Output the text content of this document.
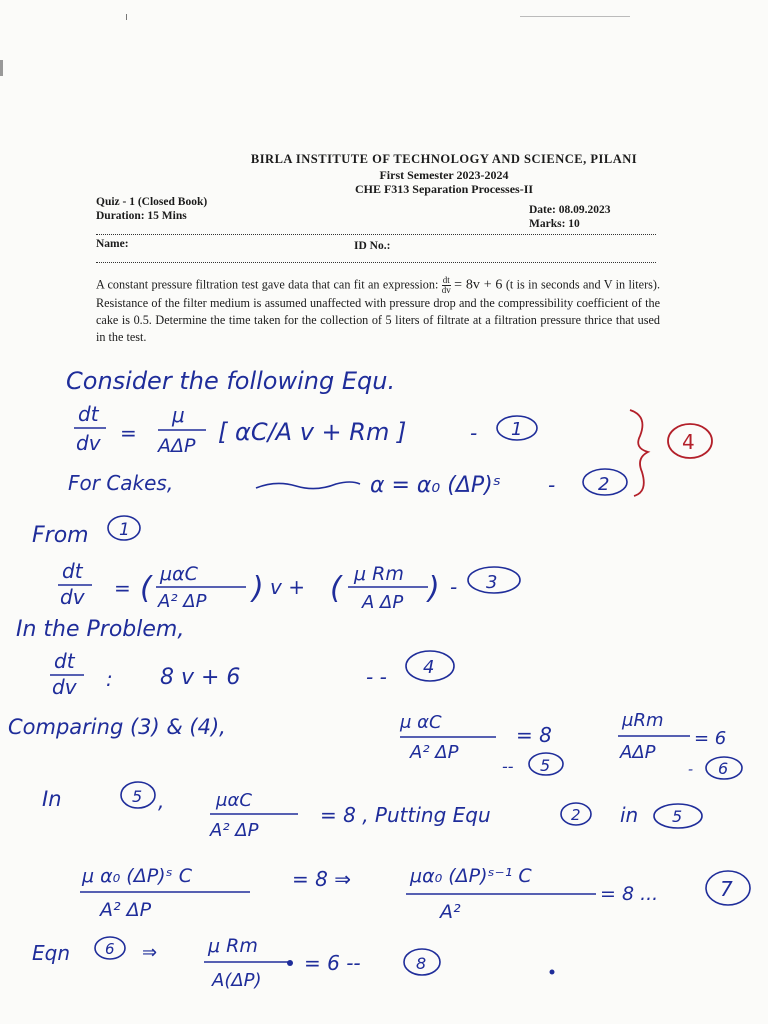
BIRLA INSTITUTE OF TECHNOLOGY AND SCIENCE, PILANI
First Semester 2023-2024
CHE F313 Separation Processes-II
Quiz - 1 (Closed Book)
Duration: 15 Mins	Date: 08.09.2023
Marks: 10
Name:	ID No.:
A constant pressure filtration test gave data that can fit an expression: $\frac{dt}{dv} = 8v + 6$ (t is in seconds and V in liters). Resistance of the filter medium is assumed unaffected with pressure drop and the compressibility coefficient of the cake is 0.5. Determine the time taken for the collection of 5 liters of filtrate at a filtration pressure thrice that used in the test.
Consider the following Equ.
dt
dv =
μ
AΔP [ αC/A v + Rm ]	- 1
For Cakes,	α = α₀ (ΔP)ˢ - 2
4
From 1
dt
dv = ( μαC
A² ΔP ) v + ( μ Rm
A ΔP ) - 3
In the Problem,
dt
dv : 8 v + 6	- - 4
Comparing (3) & (4),	μ αC
A² ΔP
= 8
-- 5
μRm
AΔP
= 6
- 6
In	5 ,	μαC
A² ΔP
= 8 , Putting Equ	2 in 5
μ α₀ (ΔP)ˢ C
A² ΔP
= 8 ⇒	μα₀ (ΔP)ˢ⁻¹ C
A²
= 8 ...	7
Eqn 6 ⇒	μ Rm
A(ΔP)
= 6 --	8
